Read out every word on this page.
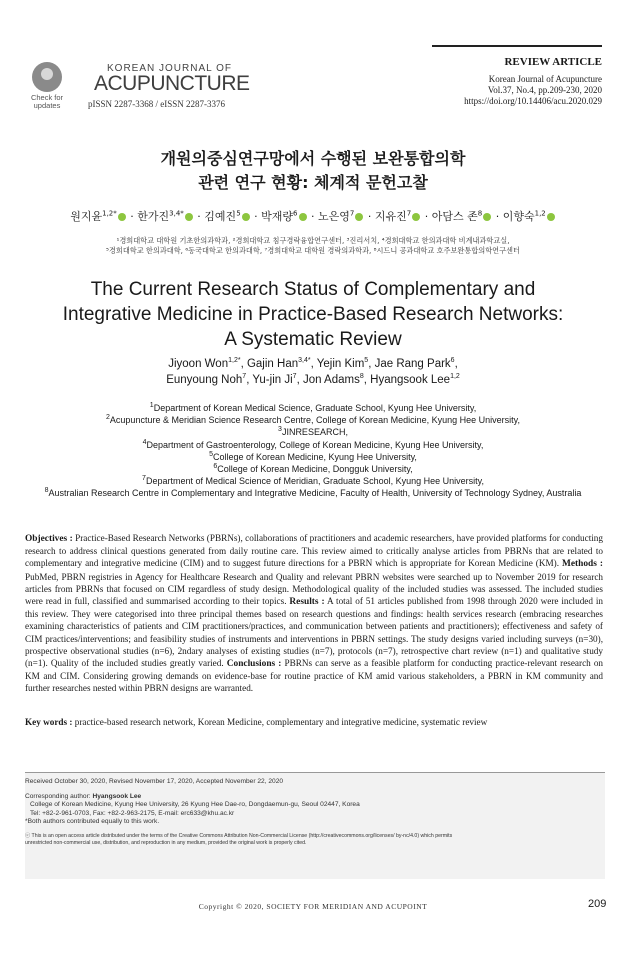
Check for
updates
KOREAN JOURNAL OF
ACUPUNCTURE
pISSN 2287-3368 / eISSN 2287-3376
REVIEW ARTICLE
Korean Journal of Acupuncture
Vol.37, No.4, pp.209-230, 2020
https://doi.org/10.14406/acu.2020.029
개원의중심연구망에서 수행된 보완통합의학
관련 연구 현황: 체계적 문헌고찰
원지윤$^{1,2*}$ · 한가진$^{3,4*}$ · 김예진$^5$ · 박재량$^6$ · 노은영$^7$ · 지유진$^7$ · 아담스 존$^8$ · 이향숙$^{1,2}$
¹경희대학교 대학원 기초한의과학과, ²경희대학교 침구경락융합연구센터, ³진리서치, ⁴경희대학교 한의과대학 비계내과학교실,
⁵경희대학교 한의과대학, ⁶동국대학교 한의과대학, ⁷경희대학교 대학원 경락의과학과, ⁸시드니 공과대학교 호주보완통합의학연구센터
The Current Research Status of Complementary and
Integrative Medicine in Practice-Based Research Networks:
A Systematic Review
Jiyoon Won$^{1,2*}$, Gajin Han$^{3,4*}$, Yejin Kim$^5$, Jae Rang Park$^6$,
Eunyoung Noh$^7$, Yu-jin Ji$^7$, Jon Adams$^8$, Hyangsook Lee$^{1,2}$
$^1$Department of Korean Medical Science, Graduate School, Kyung Hee University,
$^2$Acupuncture & Meridian Science Research Centre, College of Korean Medicine, Kyung Hee University,
$^3$JINRESEARCH,
$^4$Department of Gastroenterology, College of Korean Medicine, Kyung Hee University,
$^5$College of Korean Medicine, Kyung Hee University,
$^6$College of Korean Medicine, Dongguk University,
$^7$Department of Medical Science of Meridian, Graduate School, Kyung Hee University,
$^8$Australian Research Centre in Complementary and Integrative Medicine, Faculty of Health, University of Technology Sydney, Australia
Objectives : Practice-Based Research Networks (PBRNs), collaborations of practitioners and academic researchers, have provided platforms for conducting research to address clinical questions generated from daily routine care. This review aimed to critically analyse articles from PBRNs that are related to complementary and integrative medicine (CIM) and to suggest future directions for a PBRN which is appropriate for Korean Medicine (KM). Methods : PubMed, PBRN registries in Agency for Healthcare Research and Quality and relevant PBRN websites were searched up to November 2019 for research articles from PBRNs that focused on CIM regardless of study design. Methodological quality of the included studies was assessed. The included studies were read in full, classified and summarised according to their topics. Results : A total of 51 articles published from 1998 through 2020 were included in this review. They were categorised into three principal themes based on research questions and findings: health services research (embracing researches examining characteristics of patients and CIM practitioners/practices, and communication between patients and practitioners); effectiveness and safety of CIM practices/interventions; and feasibility studies of instruments and interventions in PBRN settings. The study designs varied including surveys (n=30), prospective observational studies (n=6), 2ndary analyses of existing studies (n=7), protocols (n=7), retrospective chart review (n=1) and qualitative study (n=1). Quality of the included studies greatly varied. Conclusions : PBRNs can serve as a feasible platform for conducting practice-relevant research on KM and CIM. Considering growing demands on evidence-base for routine practice of KM amid various stakeholders, a PBRN in KM community and further researches nested within PBRN designs are warranted.
Key words : practice-based research network, Korean Medicine, complementary and integrative medicine, systematic review
Received October 30, 2020, Revised November 17, 2020, Accepted November 22, 2020
Corresponding author: Hyangsook Lee
College of Korean Medicine, Kyung Hee University, 26 Kyung Hee Dae-ro, Dongdaemun-gu, Seoul 02447, Korea
Tel: +82-2-961-0703, Fax: +82-2-963-2175, E-mail: erc633@khu.ac.kr
*Both authors contributed equally to this work.
ⓒ This is an open access article distributed under the terms of the Creative Commons Attribution Non-Commercial License (http://creativecommons.org/licenses/ by-nc/4.0) which permits
unrestricted non-commercial use, distribution, and reproduction in any medium, provided the original work is properly cited.
Copyright © 2020, SOCIETY FOR MERIDIAN AND ACUPOINT	209
